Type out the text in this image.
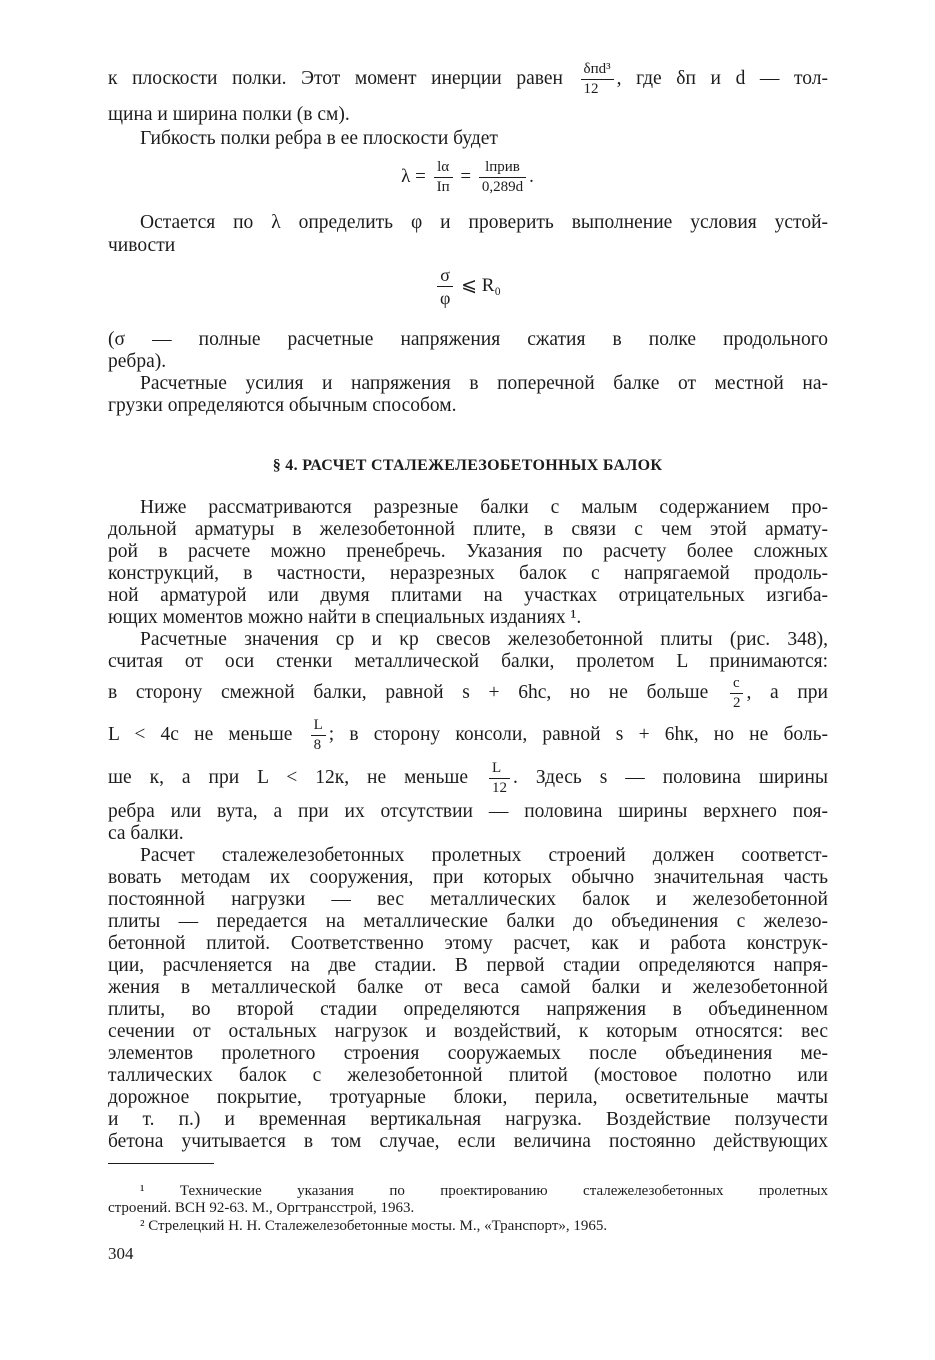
к плоскости полки. Этот момент инерции равен $\frac{\text{δпd³}}{12}$ , где δп и d — тол-
щина и ширина полки (в см).
Гибкость полки ребра в ее плоскости будет
$\lambda = \frac{l\alpha}{Iп} = \frac{\text{lприв}}{0,289d}$ .
Остается по λ определить φ и проверить выполнение условия устой-
чивости
$\frac{\sigma}{\varphi}$ ⩽ R₀
(σ — полные расчетные напряжения сжатия в полке продольного
ребра).
Расчетные усилия и напряжения в поперечной балке от местной на-
грузки определяются обычным способом.
§ 4. РАСЧЕТ СТАЛЕЖЕЛЕЗОБЕТОННЫХ БАЛОК
Ниже рассматриваются разрезные балки с малым содержанием про-
дольной арматуры в железобетонной плите, в связи с чем этой армату-
рой в расчете можно пренебречь. Указания по расчету более сложных
конструкций, в частности, неразрезных балок с напрягаемой продоль-
ной арматурой или двумя плитами на участках отрицательных изгиба-
ющих моментов можно найти в специальных изданиях ¹.
Расчетные значения cр и κр свесов железобетонной плиты (рис. 348),
считая от оси стенки металлической балки, пролетом L принимаются:
в сторону смежной балки, равной s + 6hc, но не больше $\frac{c}{2}$ , а при
L < 4c не меньше $\frac{L}{8}$ ; в сторону консоли, равной s + 6hк, но не боль-
ше к, а при L < 12к, не меньше $\frac{L}{12}$ . Здесь s — половина ширины
ребра или вута, а при их отсутствии — половина ширины верхнего поя-
са балки.
Расчет сталежелезобетонных пролетных строений должен соответст-
вовать методам их сооружения, при которых обычно значительная часть
постоянной нагрузки — вес металлических балок и железобетонной
плиты — передается на металлические балки до объединения с железо-
бетонной плитой. Соответственно этому расчет, как и работа конструк-
ции, расчленяется на две стадии. В первой стадии определяются напря-
жения в металлической балке от веса самой балки и железобетонной
плиты, во второй стадии определяются напряжения в объединенном
сечении от остальных нагрузок и воздействий, к которым относятся: вес
элементов пролетного строения сооружаемых после объединения ме-
таллических балок с железобетонной плитой (мостовое полотно или
дорожное покрытие, тротуарные блоки, перила, осветительные мачты
и т. п.) и временная вертикальная нагрузка. Воздействие ползучести
бетона учитывается в том случае, если величина постоянно действующих
¹ Технические указания по проектированию сталежелезобетонных пролетных
строений. ВСН 92-63. М., Оргтрансстрой, 1963.
² Стрелецкий Н. Н. Сталежелезобетонные мосты. М., «Транспорт», 1965.
304
